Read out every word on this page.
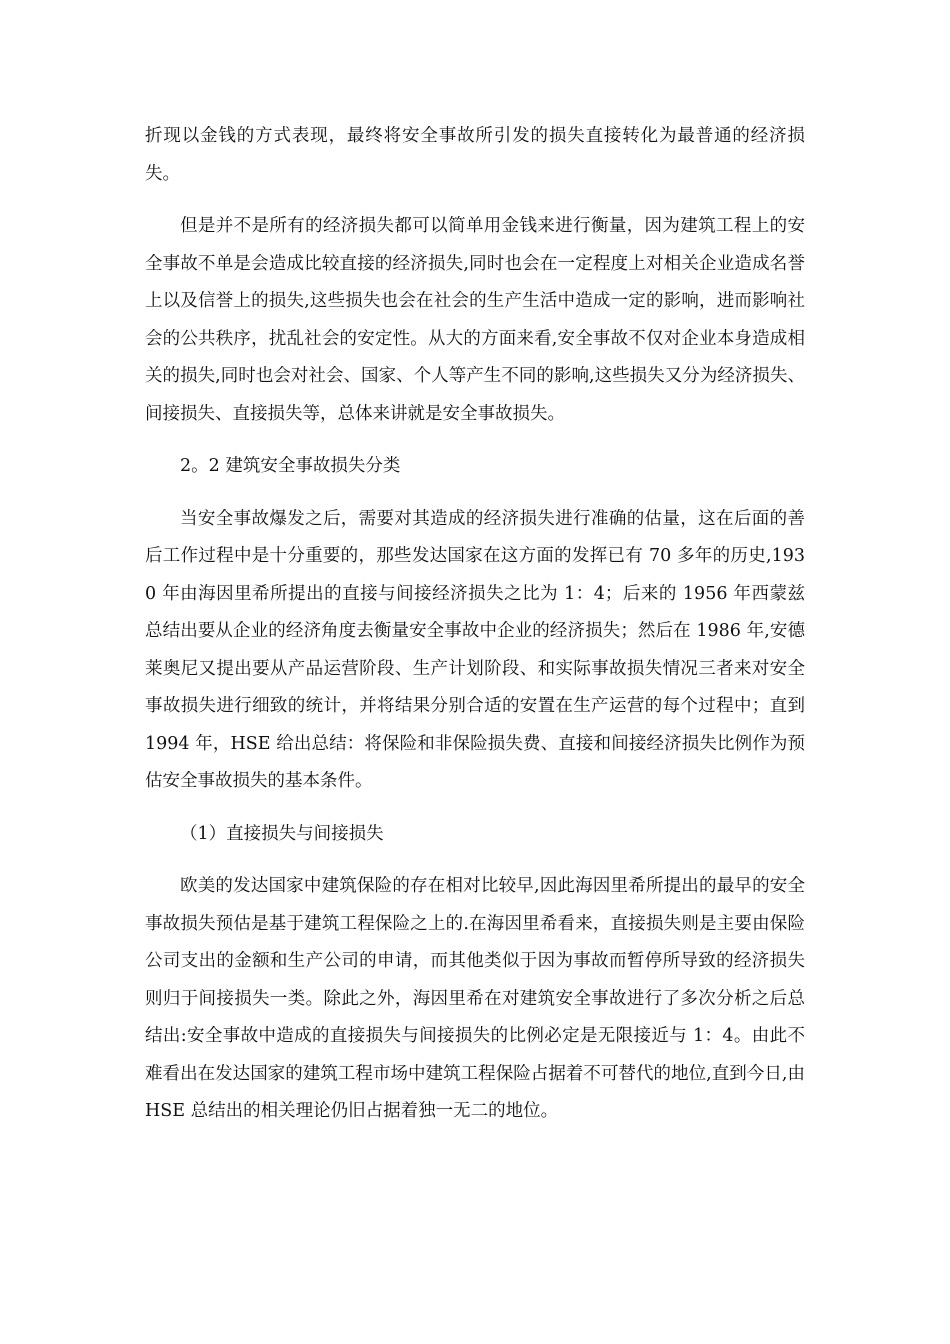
折现以金钱的方式表现，最终将安全事故所引发的损失直接转化为最普通的经济损失。

但是并不是所有的经济损失都可以简单用金钱来进行衡量，因为建筑工程上的安全事故不单是会造成比较直接的经济损失,同时也会在一定程度上对相关企业造成名誉上以及信誉上的损失,这些损失也会在社会的生产生活中造成一定的影响，进而影响社会的公共秩序，扰乱社会的安定性。从大的方面来看,安全事故不仅对企业本身造成相关的损失,同时也会对社会、国家、个人等产生不同的影响,这些损失又分为经济损失、间接损失、直接损失等，总体来讲就是安全事故损失。

2。2 建筑安全事故损失分类

当安全事故爆发之后，需要对其造成的经济损失进行准确的估量，这在后面的善后工作过程中是十分重要的，那些发达国家在这方面的发挥已有 70 多年的历史,1930 年由海因里希所提出的直接与间接经济损失之比为 1：4；后来的 1956 年西蒙兹总结出要从企业的经济角度去衡量安全事故中企业的经济损失；然后在 1986 年,安德莱奥尼又提出要从产品运营阶段、生产计划阶段、和实际事故损失情况三者来对安全事故损失进行细致的统计，并将结果分别合适的安置在生产运营的每个过程中；直到 1994 年，HSE 给出总结：将保险和非保险损失费、直接和间接经济损失比例作为预估安全事故损失的基本条件。

（1）直接损失与间接损失

欧美的发达国家中建筑保险的存在相对比较早,因此海因里希所提出的最早的安全事故损失预估是基于建筑工程保险之上的.在海因里希看来，直接损失则是主要由保险公司支出的金额和生产公司的申请，而其他类似于因为事故而暂停所导致的经济损失则归于间接损失一类。除此之外，海因里希在对建筑安全事故进行了多次分析之后总结出:安全事故中造成的直接损失与间接损失的比例必定是无限接近与 1：4。由此不难看出在发达国家的建筑工程市场中建筑工程保险占据着不可替代的地位,直到今日,由 HSE 总结出的相关理论仍旧占据着独一无二的地位。
